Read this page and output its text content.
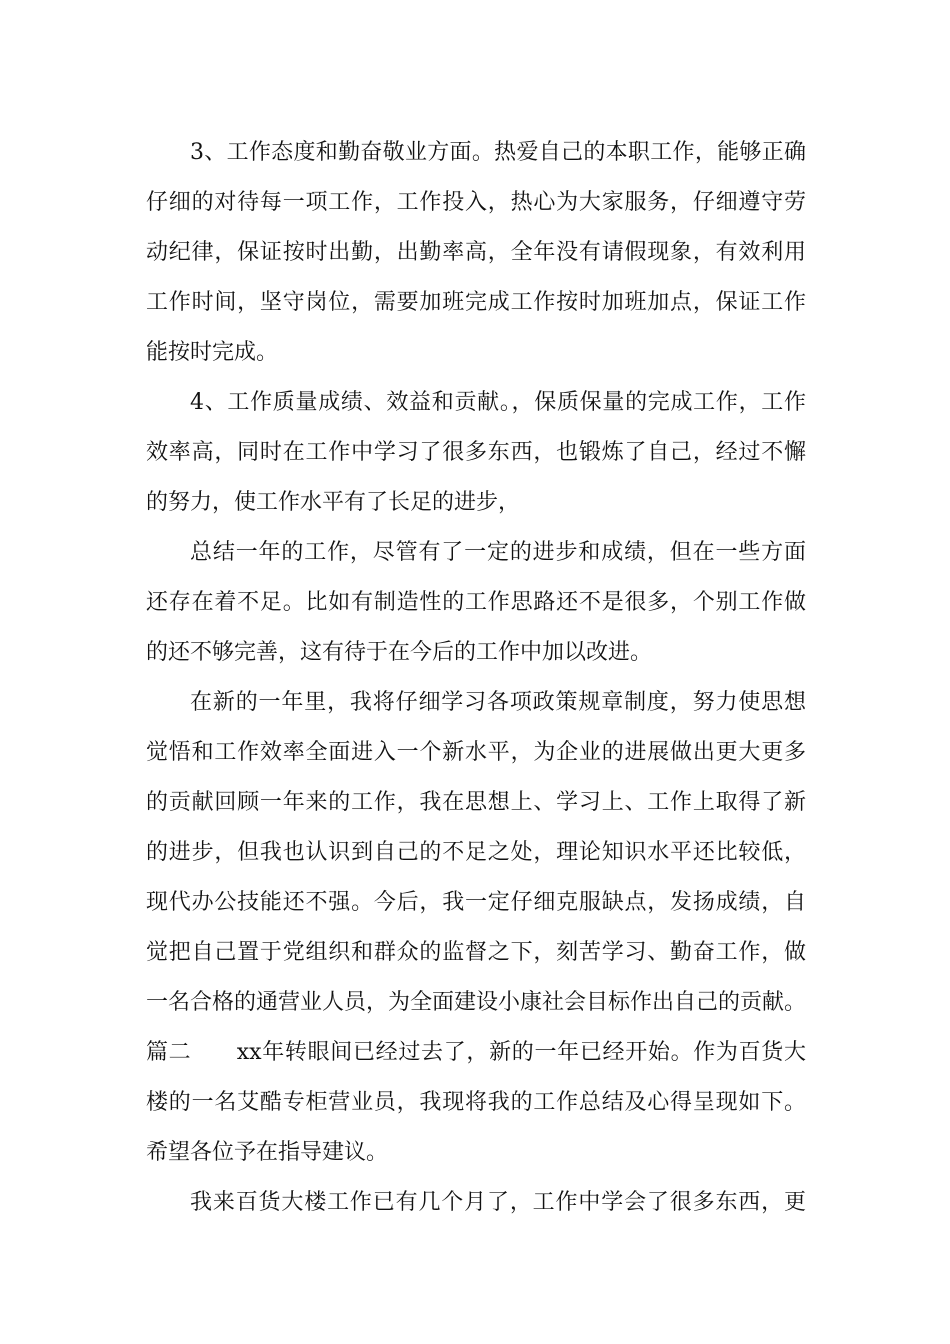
3、工作态度和勤奋敬业方面。热爱自己的本职工作，能够正确
仔细的对待每一项工作，工作投入，热心为大家服务，仔细遵守劳
动纪律，保证按时出勤，出勤率高，全年没有请假现象，有效利用
工作时间，坚守岗位，需要加班完成工作按时加班加点，保证工作
能按时完成。
4、工作质量成绩、效益和贡献。，保质保量的完成工作，工作
效率高，同时在工作中学习了很多东西，也锻炼了自己，经过不懈
的努力，使工作水平有了长足的进步，
总结一年的工作，尽管有了一定的进步和成绩，但在一些方面
还存在着不足。比如有制造性的工作思路还不是很多，个别工作做
的还不够完善，这有待于在今后的工作中加以改进。
在新的一年里，我将仔细学习各项政策规章制度，努力使思想
觉悟和工作效率全面进入一个新水平，为企业的进展做出更大更多
的贡献回顾一年来的工作，我在思想上、学习上、工作上取得了新
的进步，但我也认识到自己的不足之处，理论知识水平还比较低，
现代办公技能还不强。今后，我一定仔细克服缺点，发扬成绩，自
觉把自己置于党组织和群众的监督之下，刻苦学习、勤奋工作，做
一名合格的通营业人员，为全面建设小康社会目标作出自己的贡献。
篇二　　xx年转眼间已经过去了，新的一年已经开始。作为百货大
楼的一名艾酷专柜营业员，我现将我的工作总结及心得呈现如下。
希望各位予在指导建议。
我来百货大楼工作已有几个月了，工作中学会了很多东西，更
